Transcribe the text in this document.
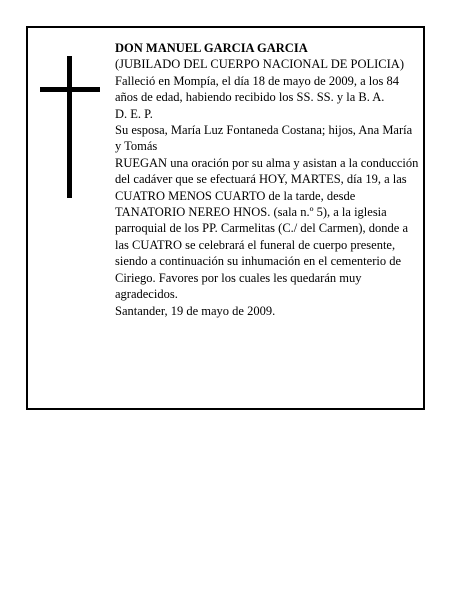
DON MANUEL GARCIA GARCIA

(JUBILADO DEL CUERPO NACIONAL DE POLICIA)

Falleció en Mompía, el día 18 de mayo de 2009, a los 84 años de edad, habiendo recibido los SS. SS. y la B. A.

D. E. P.

Su esposa, María Luz Fontaneda Costana; hijos, Ana María y Tomás

RUEGAN una oración por su alma y asistan a la conducción del cadáver que se efectuará HOY, MARTES, día 19, a las CUATRO MENOS CUARTO de la tarde, desde TANATORIO NEREO HNOS. (sala n.º 5), a la iglesia parroquial de los PP. Carmelitas (C./ del Carmen), donde a las CUATRO se celebrará el funeral de cuerpo presente, siendo a continuación su inhumación en el cementerio de Ciriego. Favores por los cuales les quedarán muy agradecidos.

Santander, 19 de mayo de 2009.
